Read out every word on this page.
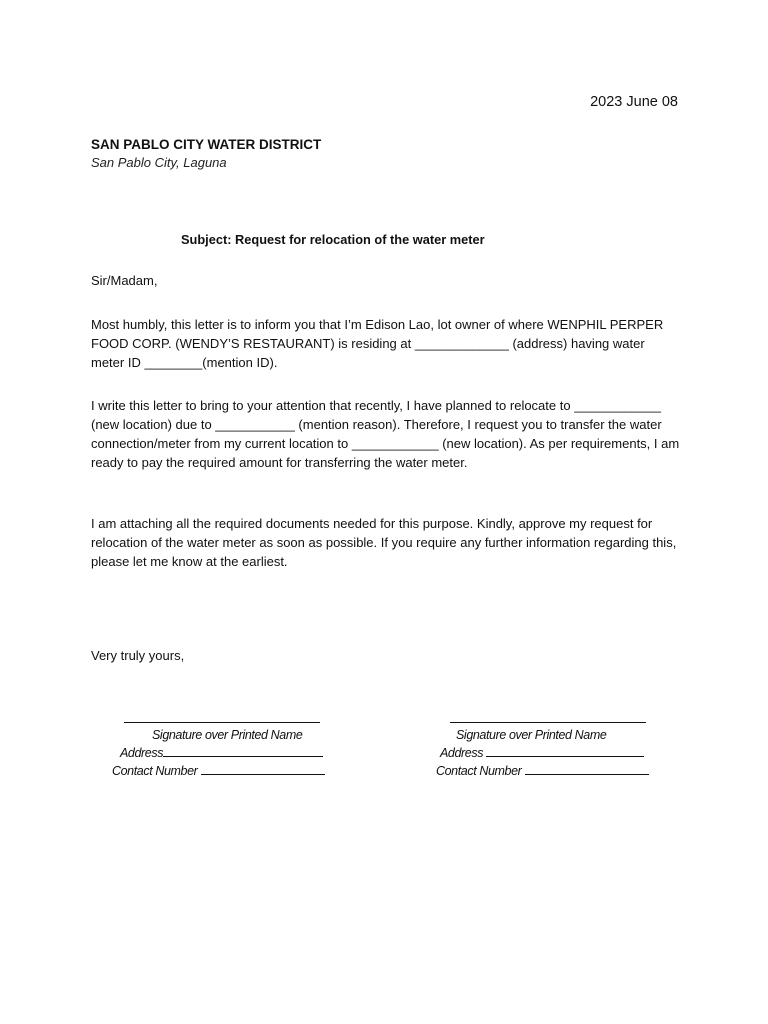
2023 June 08
SAN PABLO CITY WATER DISTRICT
San Pablo City, Laguna
Subject: Request for relocation of the water meter
Sir/Madam,
Most humbly, this letter is to inform you that I’m Edison Lao, lot owner of where WENPHIL PERPER FOOD CORP. (WENDY’S RESTAURANT) is residing at _____________ (address) having water meter ID ________(mention ID).
I write this letter to bring to your attention that recently, I have planned to relocate to ____________ (new location) due to ___________ (mention reason). Therefore, I request you to transfer the water connection/meter from my current location to ____________ (new location). As per requirements, I am ready to pay the required amount for transferring the water meter.
I am attaching all the required documents needed for this purpose. Kindly, approve my request for relocation of the water meter as soon as possible. If you require any further information regarding this, please let me know at the earliest.
Very truly yours,
Signature over Printed Name
Address
Contact Number
Signature over Printed Name
Address
Contact Number
